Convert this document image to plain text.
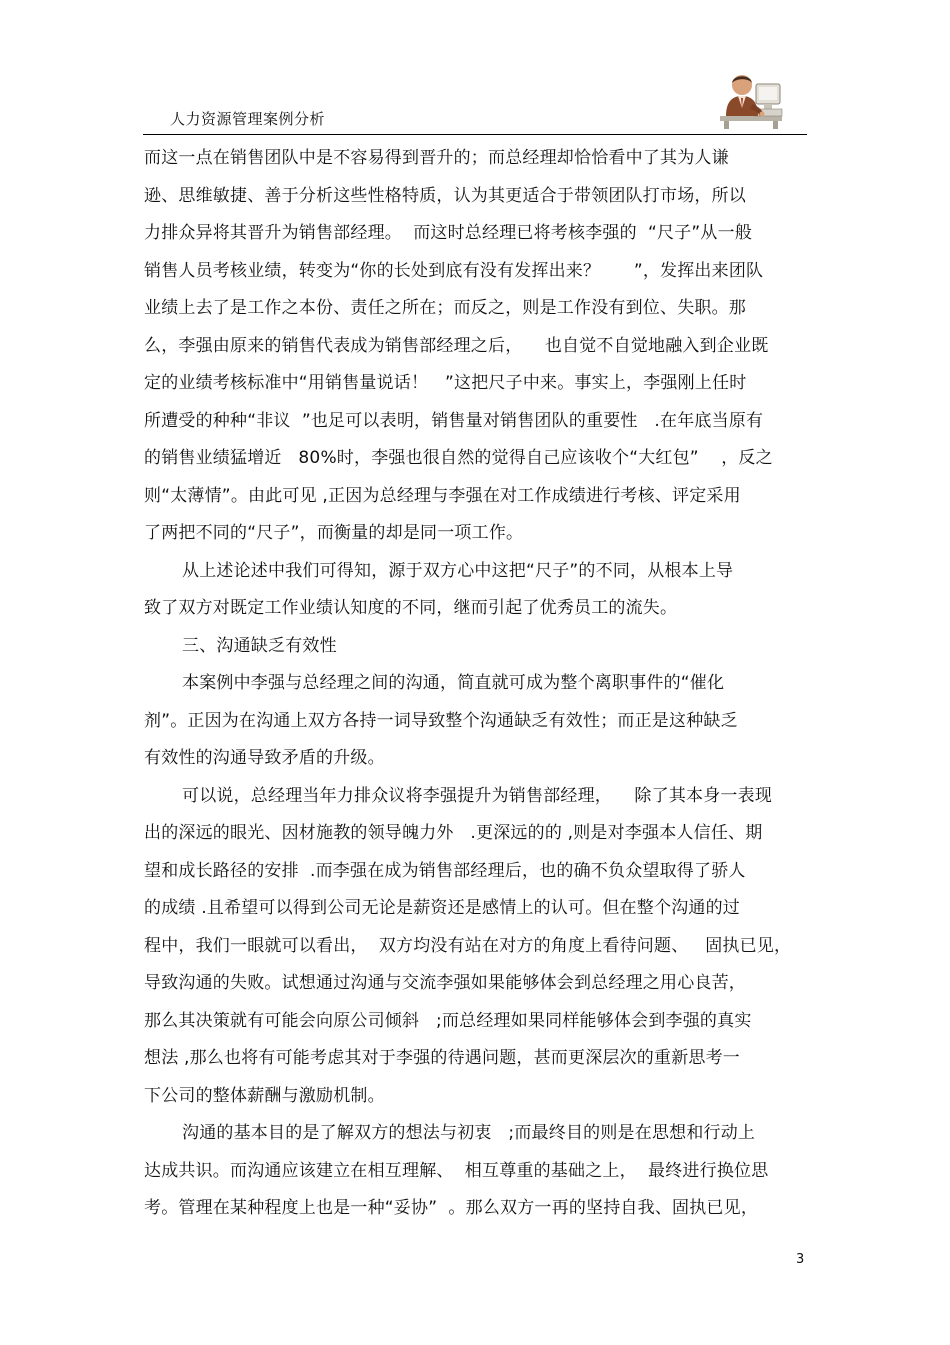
人力资源管理案例分析
而这一点在销售团队中是不容易得到晋升的；而总经理却恰恰看中了其为人谦
逊、思维敏捷、善于分析这些性格特质，认为其更适合于带领团队打市场，所以
力排众异将其晋升为销售部经理。  而这时总经理已将考核李强的  “尺子”从一般
销售人员考核业绩，转变为“你的长处到底有没有发挥出来？      ”，发挥出来团队
业绩上去了是工作之本份、责任之所在；而反之，则是工作没有到位、失职。那
么，李强由原来的销售代表成为销售部经理之后，    也自觉不自觉地融入到企业既
定的业绩考核标准中“用销售量说话！   ”这把尺子中来。事实上，李强刚上任时
所遭受的种种“非议  ”也足可以表明，销售量对销售团队的重要性   .在年底当原有
的销售业绩猛增近   80%时，李强也很自然的觉得自己应该收个“大红包”    ，反之
则“太薄情”。由此可见 ,正因为总经理与李强在对工作成绩进行考核、评定采用
了两把不同的“尺子”，而衡量的却是同一项工作。
从上述论述中我们可得知，源于双方心中这把“尺子”的不同，从根本上导
致了双方对既定工作业绩认知度的不同，继而引起了优秀员工的流失。
三、沟通缺乏有效性
本案例中李强与总经理之间的沟通，简直就可成为整个离职事件的“催化
剂”。正因为在沟通上双方各持一词导致整个沟通缺乏有效性；而正是这种缺乏
有效性的沟通导致矛盾的升级。
可以说，总经理当年力排众议将李强提升为销售部经理，    除了其本身一表现
出的深远的眼光、因材施教的领导魄力外   .更深远的的 ,则是对李强本人信任、期
望和成长路径的安排  .而李强在成为销售部经理后，也的确不负众望取得了骄人
的成绩 .且希望可以得到公司无论是薪资还是感情上的认可。但在整个沟通的过
程中，我们一眼就可以看出，  双方均没有站在对方的角度上看待问题、   固执已见，
导致沟通的失败。试想通过沟通与交流李强如果能够体会到总经理之用心良苦，
那么其决策就有可能会向原公司倾斜   ;而总经理如果同样能够体会到李强的真实
想法 ,那么也将有可能考虑其对于李强的待遇问题，甚而更深层次的重新思考一
下公司的整体薪酬与激励机制。
沟通的基本目的是了解双方的想法与初衷   ;而最终目的则是在思想和行动上
达成共识。而沟通应该建立在相互理解、  相互尊重的基础之上，  最终进行换位思
考。管理在某种程度上也是一种“妥协”  。那么双方一再的坚持自我、固执已见，
3
